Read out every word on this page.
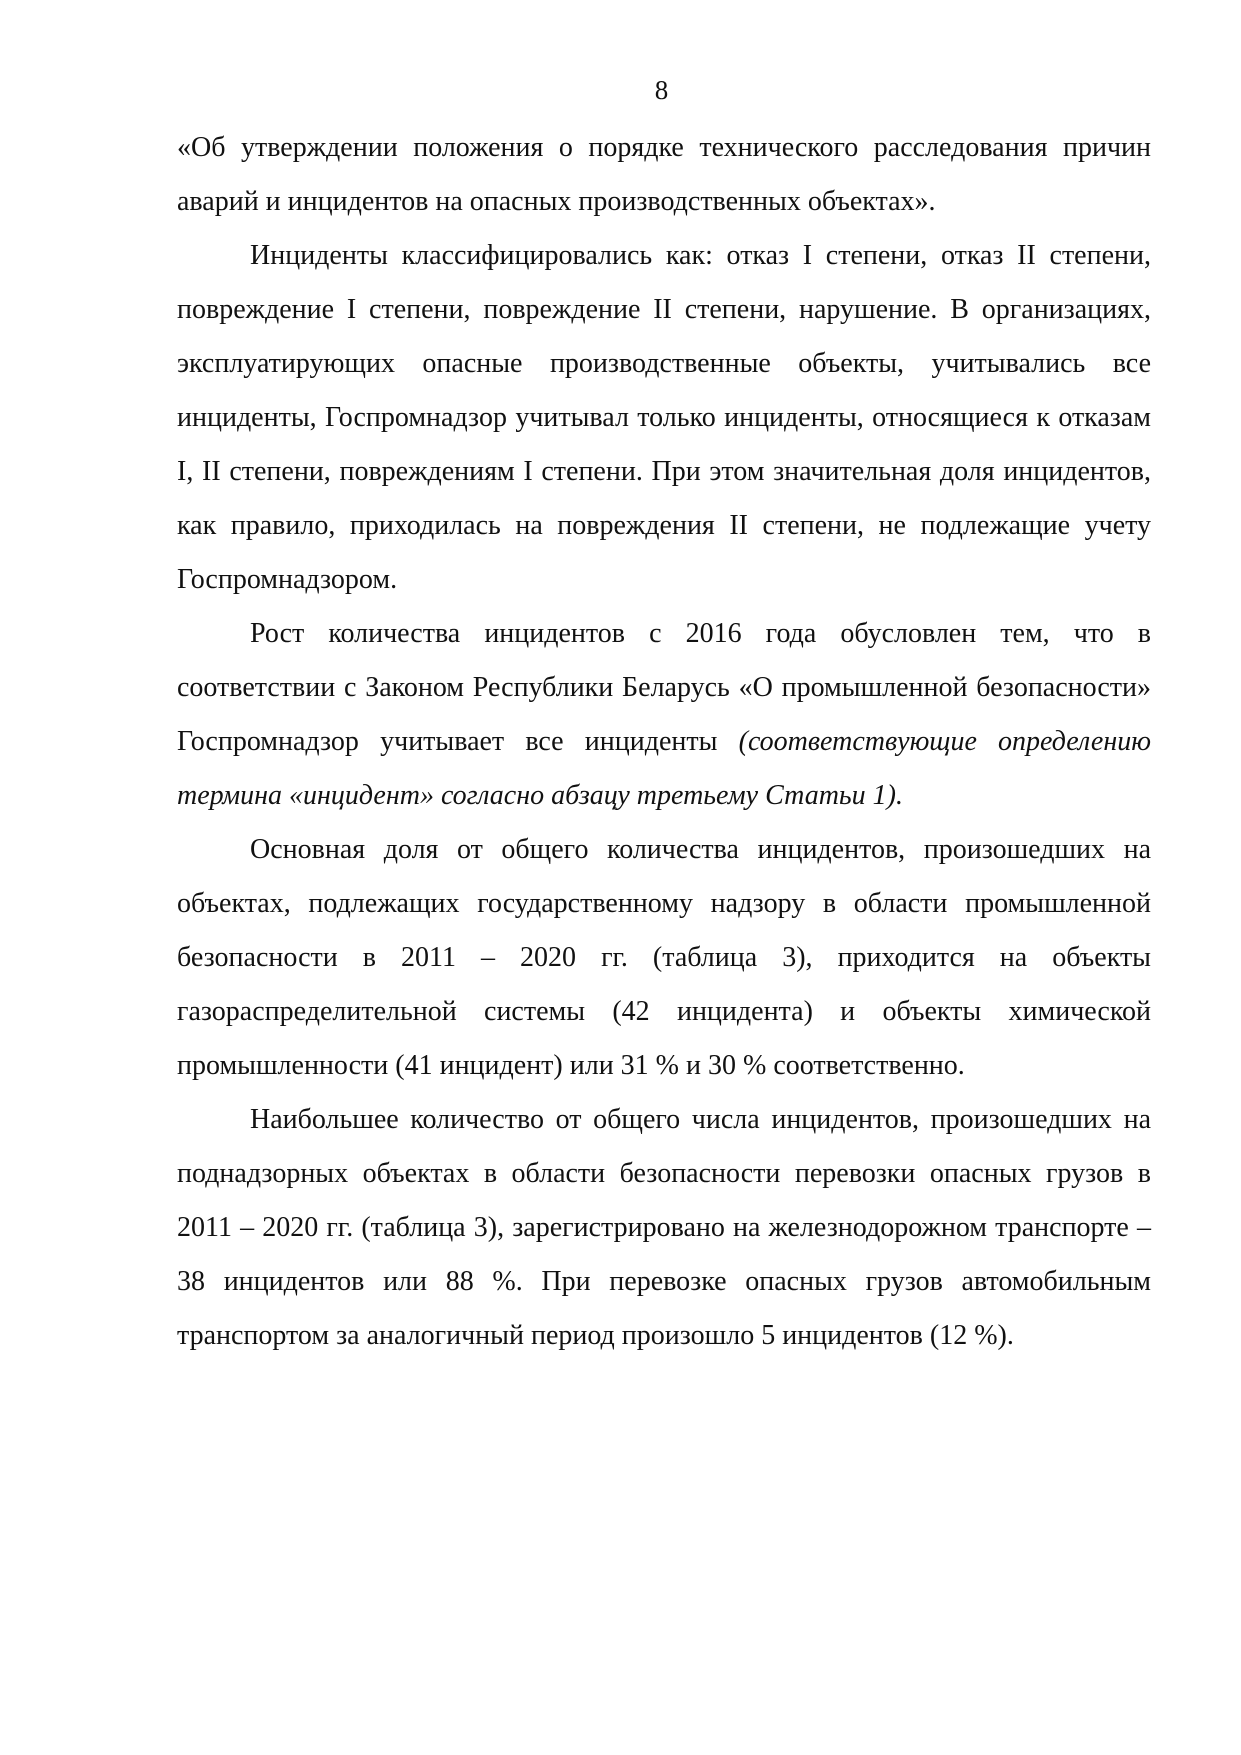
8

«Об утверждении положения о порядке технического расследования причин аварий и инцидентов на опасных производственных объектах».

Инциденты классифицировались как: отказ I степени, отказ II степени, повреждение I степени, повреждение II степени, нарушение. В организациях, эксплуатирующих опасные производственные объекты, учитывались все инциденты, Госпромнадзор учитывал только инциденты, относящиеся к отказам I, II степени, повреждениям I степени. При этом значительная доля инцидентов, как правило, приходилась на повреждения II степени, не подлежащие учету Госпромнадзором.

Рост количества инцидентов с 2016 года обусловлен тем, что в соответствии с Законом Республики Беларусь «О промышленной безопасности» Госпромнадзор учитывает все инциденты (соответствующие определению термина «инцидент» согласно абзацу третьему Статьи 1).

Основная доля от общего количества инцидентов, произошедших на объектах, подлежащих государственному надзору в области промышленной безопасности в 2011 – 2020 гг. (таблица 3), приходится на объекты газораспределительной системы (42 инцидента) и объекты химической промышленности (41 инцидент) или 31 % и 30 % соответственно.

Наибольшее количество от общего числа инцидентов, произошедших на поднадзорных объектах в области безопасности перевозки опасных грузов в 2011 – 2020 гг. (таблица 3), зарегистрировано на железнодорожном транспорте – 38 инцидентов или 88 %. При перевозке опасных грузов автомобильным транспортом за аналогичный период произошло 5 инцидентов (12 %).
